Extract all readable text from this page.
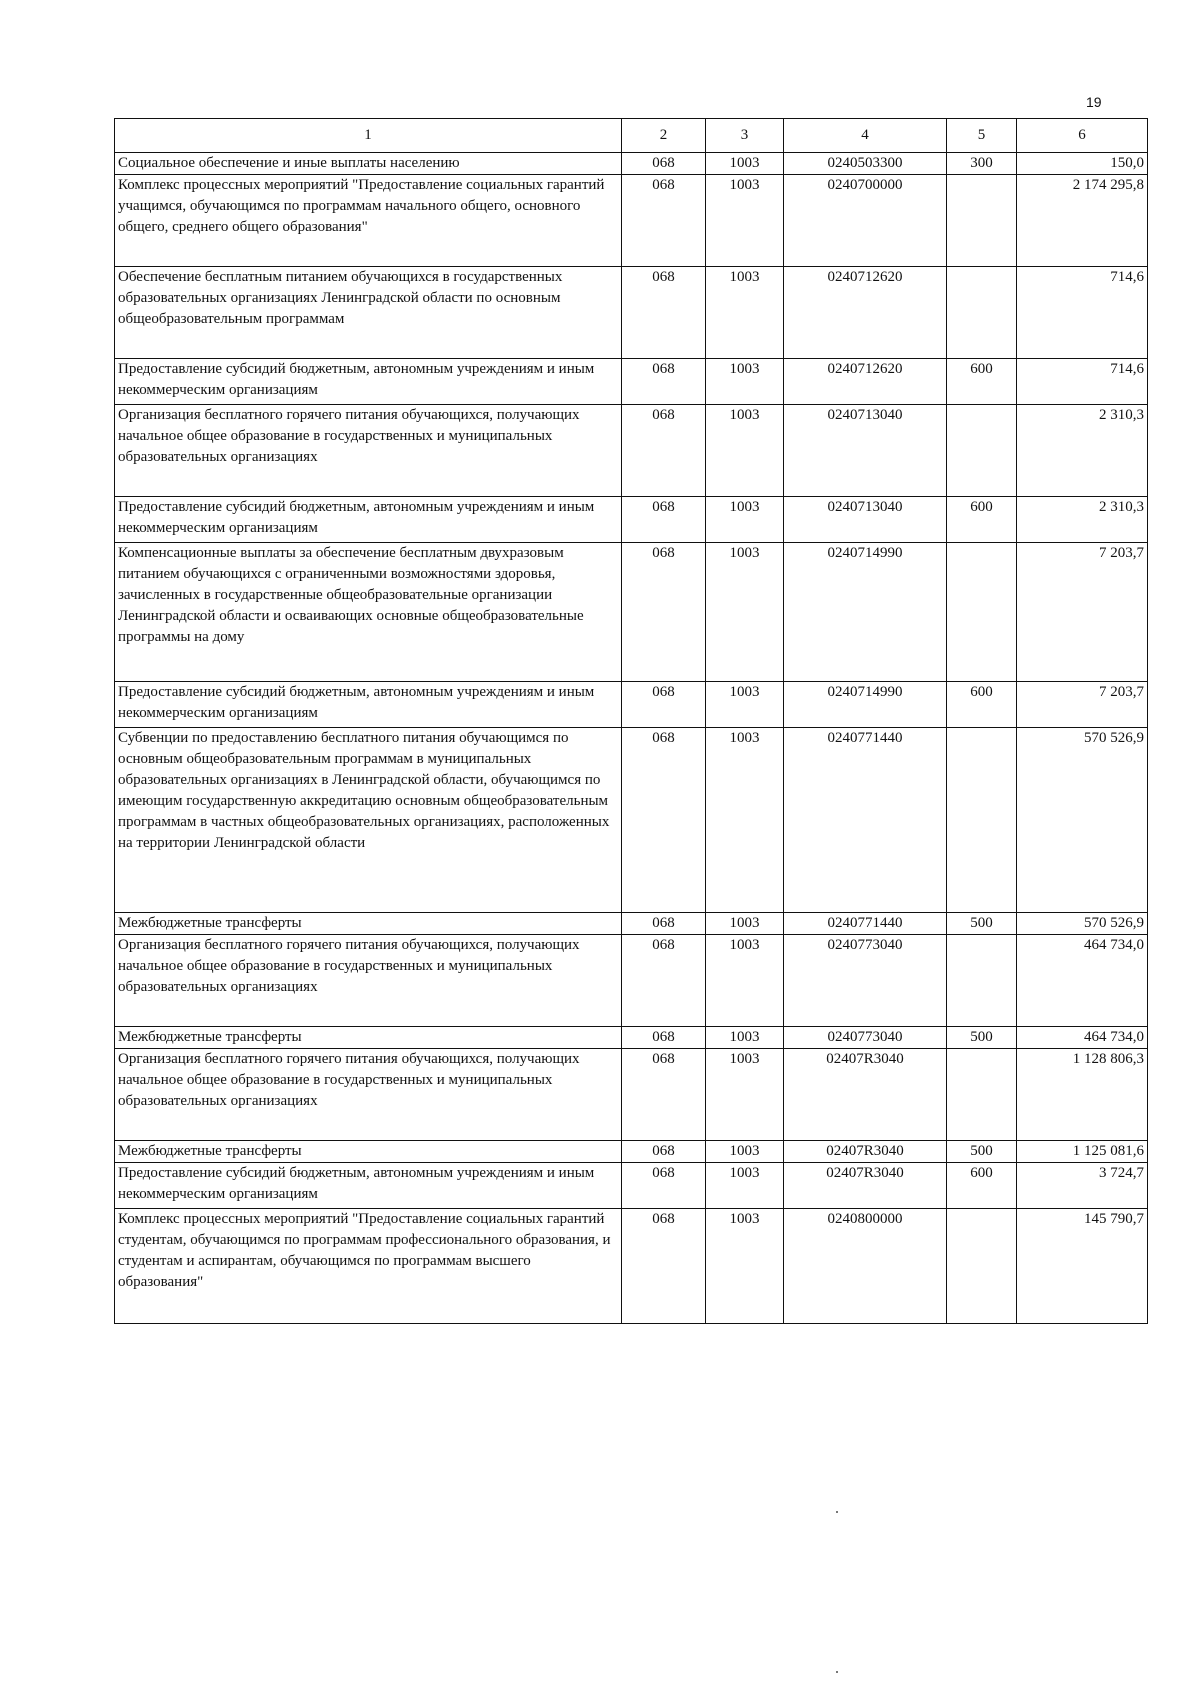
19
1	2	3	4	5	6
Социальное обеспечение и иные выплаты населению	068	1003	0240503300	300	150,0
Комплекс процессных мероприятий "Предоставление социальных гарантий учащимся, обучающимся по программам начального общего, основного общего, среднего общего образования"	068	1003	0240700000		2 174 295,8
Обеспечение бесплатным питанием обучающихся в государственных образовательных организациях Ленинградской области по основным общеобразовательным программам	068	1003	0240712620		714,6
Предоставление субсидий бюджетным, автономным учреждениям и иным некоммерческим организациям	068	1003	0240712620	600	714,6
Организация бесплатного горячего питания обучающихся, получающих начальное общее образование в государственных и муниципальных образовательных организациях	068	1003	0240713040		2 310,3
Предоставление субсидий бюджетным, автономным учреждениям и иным некоммерческим организациям	068	1003	0240713040	600	2 310,3
Компенсационные выплаты за обеспечение бесплатным двухразовым питанием обучающихся с ограниченными возможностями здоровья, зачисленных в государственные общеобразовательные организации Ленинградской области и осваивающих основные общеобразовательные программы на дому	068	1003	0240714990		7 203,7
Предоставление субсидий бюджетным, автономным учреждениям и иным некоммерческим организациям	068	1003	0240714990	600	7 203,7
Субвенции по предоставлению бесплатного питания обучающимся по основным общеобразовательным программам в муниципальных образовательных организациях в Ленинградской области, обучающимся по имеющим государственную аккредитацию основным общеобразовательным программам в частных общеобразовательных организациях, расположенных на территории Ленинградской области	068	1003	0240771440		570 526,9
Межбюджетные трансферты	068	1003	0240771440	500	570 526,9
Организация бесплатного горячего питания обучающихся, получающих начальное общее образование в государственных и муниципальных образовательных организациях	068	1003	0240773040		464 734,0
Межбюджетные трансферты	068	1003	0240773040	500	464 734,0
Организация бесплатного горячего питания обучающихся, получающих начальное общее образование в государственных и муниципальных образовательных организациях	068	1003	02407R3040		1 128 806,3
Межбюджетные трансферты	068	1003	02407R3040	500	1 125 081,6
Предоставление субсидий бюджетным, автономным учреждениям и иным некоммерческим организациям	068	1003	02407R3040	600	3 724,7
Комплекс процессных мероприятий "Предоставление социальных гарантий студентам, обучающимся по программам профессионального образования, и студентам и аспирантам, обучающимся по программам высшего образования"	068	1003	0240800000		145 790,7
